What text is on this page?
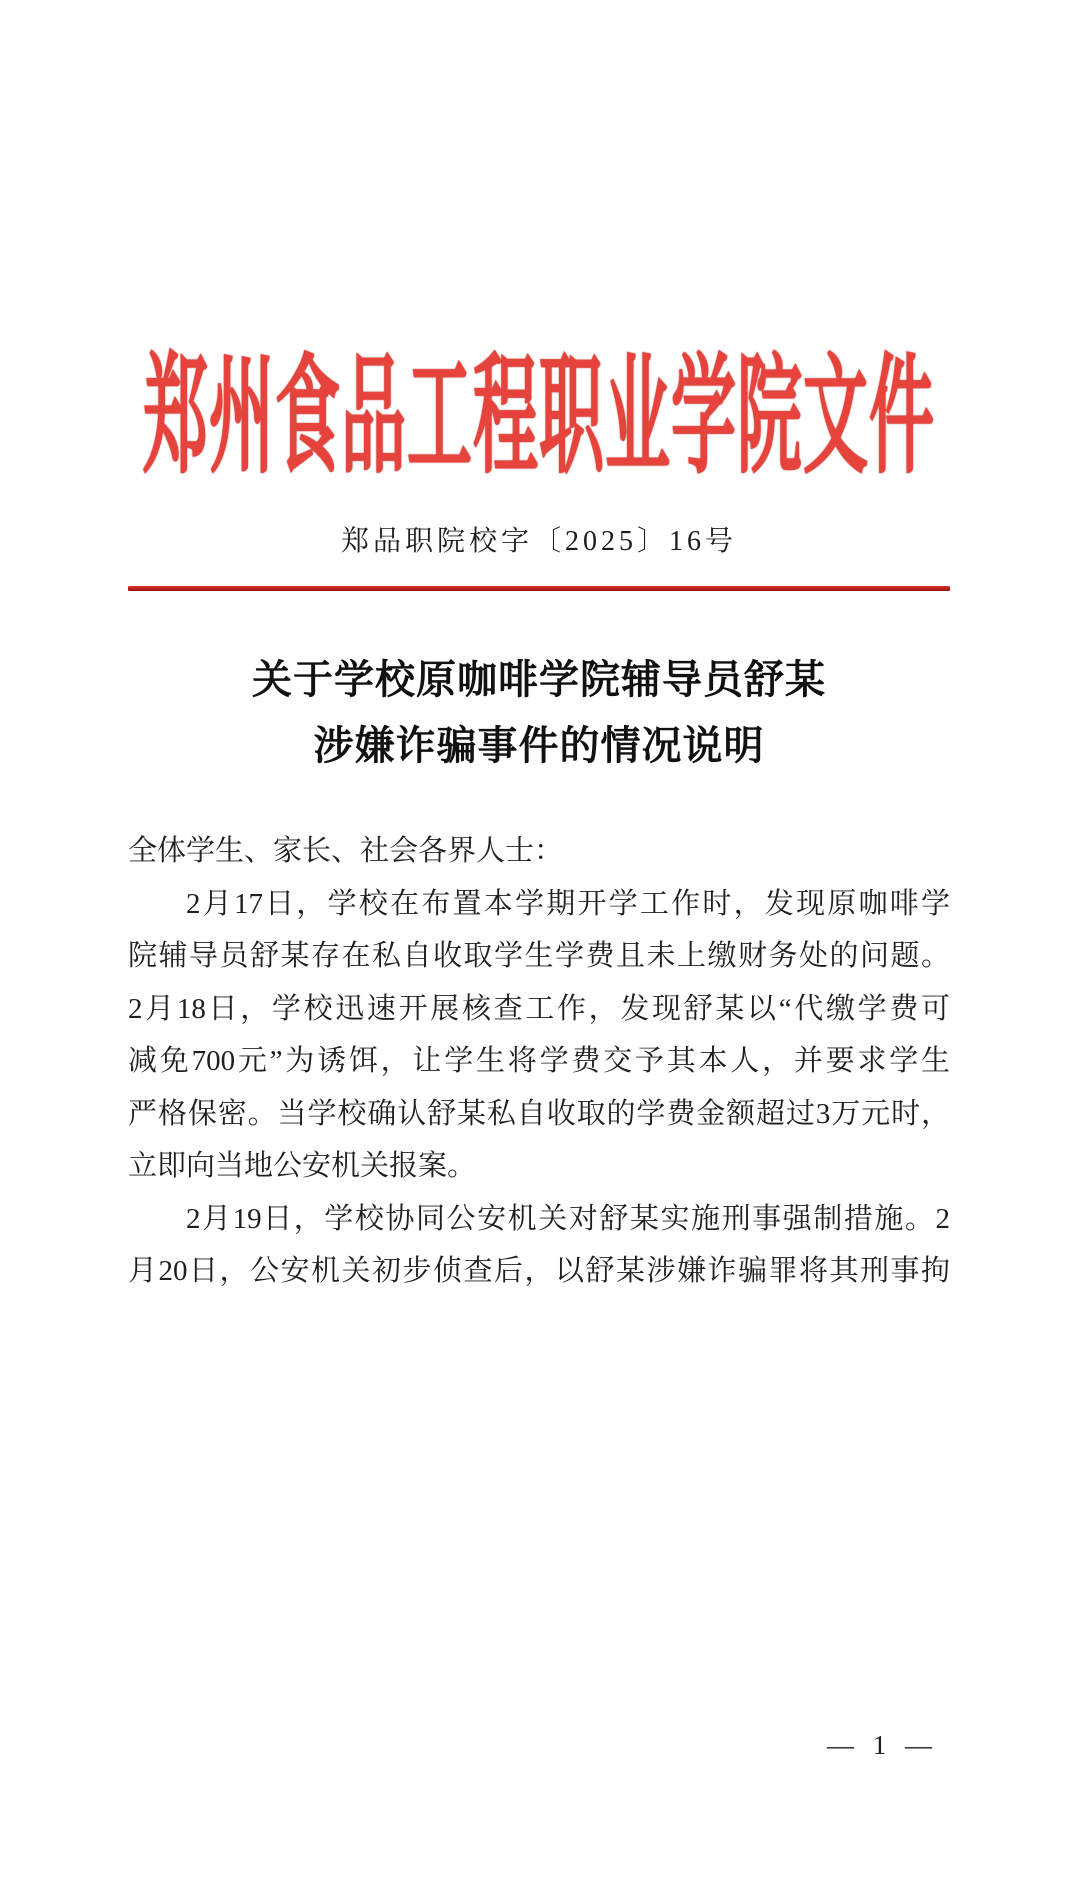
郑州食品工程职业学院文件
郑品职院校字〔2025〕16号
关于学校原咖啡学院辅导员舒某
涉嫌诈骗事件的情况说明
全体学生、家长、社会各界人士：
2月17日，学校在布置本学期开学工作时，发现原咖啡学
院辅导员舒某存在私自收取学生学费且未上缴财务处的问题。
2月18日，学校迅速开展核查工作，发现舒某以“代缴学费可
减免700元”为诱饵，让学生将学费交予其本人，并要求学生
严格保密。当学校确认舒某私自收取的学费金额超过3万元时，
立即向当地公安机关报案。
2月19日，学校协同公安机关对舒某实施刑事强制措施。2
月20日，公安机关初步侦查后，以舒某涉嫌诈骗罪将其刑事拘
— 1 —
